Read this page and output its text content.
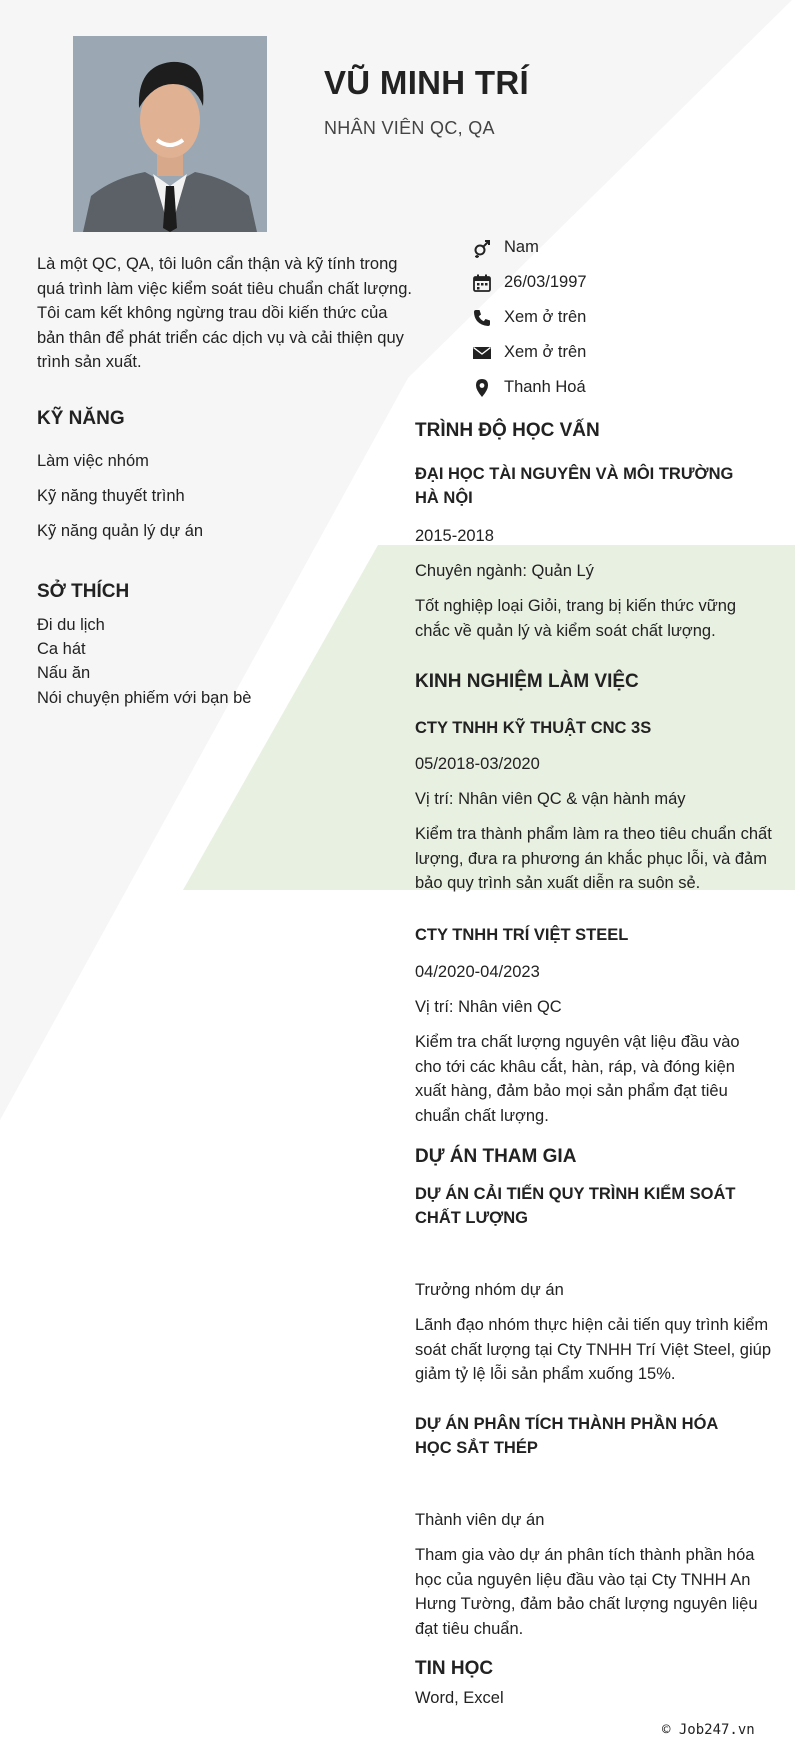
VŨ MINH TRÍ
NHÂN VIÊN QC, QA
Là một QC, QA, tôi luôn cẩn thận và kỹ tính trong quá trình làm việc kiểm soát tiêu chuẩn chất lượng. Tôi cam kết không ngừng trau dồi kiến thức của bản thân để phát triển các dịch vụ và cải thiện quy trình sản xuất.
Nam
26/03/1997
Xem ở trên
Xem ở trên
Thanh Hoá
KỸ NĂNG
Làm việc nhóm
Kỹ năng thuyết trình
Kỹ năng quản lý dự án
SỞ THÍCH
Đi du lịch
Ca hát
Nấu ăn
Nói chuyện phiếm với bạn bè
TRÌNH ĐỘ HỌC VẤN
ĐẠI HỌC TÀI NGUYÊN VÀ MÔI TRƯỜNG HÀ NỘI
2015-2018
Chuyên ngành: Quản Lý
Tốt nghiệp loại Giỏi, trang bị kiến thức vững chắc về quản lý và kiểm soát chất lượng.
KINH NGHIỆM LÀM VIỆC
CTY TNHH KỸ THUẬT CNC 3S
05/2018-03/2020
Vị trí: Nhân viên QC & vận hành máy
Kiểm tra thành phẩm làm ra theo tiêu chuẩn chất lượng, đưa ra phương án khắc phục lỗi, và đảm bảo quy trình sản xuất diễn ra suôn sẻ.
CTY TNHH TRÍ VIỆT STEEL
04/2020-04/2023
Vị trí: Nhân viên QC
Kiểm tra chất lượng nguyên vật liệu đầu vào cho tới các khâu cắt, hàn, ráp, và đóng kiện xuất hàng, đảm bảo mọi sản phẩm đạt tiêu chuẩn chất lượng.
DỰ ÁN THAM GIA
DỰ ÁN CẢI TIẾN QUY TRÌNH KIỂM SOÁT CHẤT LƯỢNG
Trưởng nhóm dự án
Lãnh đạo nhóm thực hiện cải tiến quy trình kiểm soát chất lượng tại Cty TNHH Trí Việt Steel, giúp giảm tỷ lệ lỗi sản phẩm xuống 15%.
DỰ ÁN PHÂN TÍCH THÀNH PHẦN HÓA HỌC SẮT THÉP
Thành viên dự án
Tham gia vào dự án phân tích thành phần hóa học của nguyên liệu đầu vào tại Cty TNHH An Hưng Tường, đảm bảo chất lượng nguyên liệu đạt tiêu chuẩn.
TIN HỌC
Word, Excel
© Job247.vn
